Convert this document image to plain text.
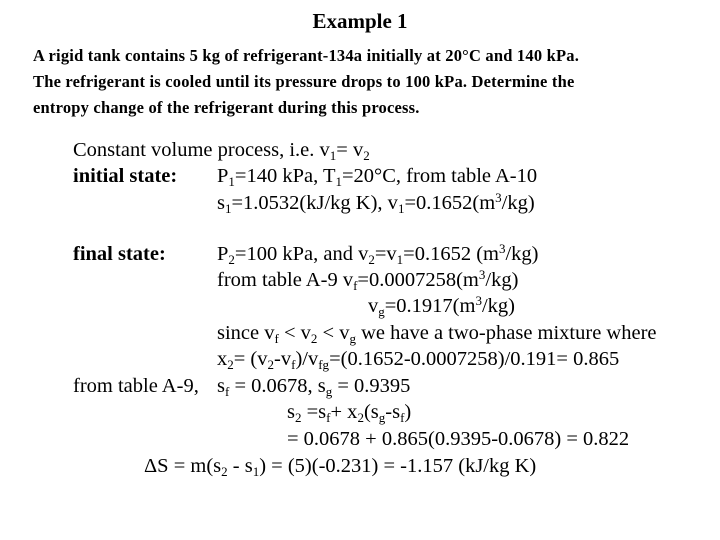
Example 1
A rigid tank contains 5 kg of refrigerant-134a initially at 20°C and 140 kPa.
The refrigerant is cooled until its pressure drops to 100 kPa. Determine the
entropy change of the refrigerant during this process.
Constant volume process, i.e. $v_1= v_2$
initial state: $P_1=140$ kPa, $T_1=20^\circ C$, from table A-10
$s_1=1.0532(kJ/kg$ K), $v_1=0.1652(m^3/kg)$
final state: $P_2=100$ kPa, and $v_2=v_1=0.1652$ $(m^3/kg)$
from table A-9 $v_f=0.0007258(m^3/kg)$
$v_g=0.1917(m^3/kg)$
since $v_f < v_2 < v_g$ we have a two-phase mixture where
$x_2= (v_2-v_f)/v_{fg}=(0.1652-0.0007258)/0.191= 0.865$
from table A-9, $s_f = 0.0678$, $s_g = 0.9395$
$s_2 =s_f+ x_2(s_g-s_f)$
= 0.0678 + 0.865(0.9395-0.0678) = 0.822
$\Delta S = m(s_2 - s_1) = (5)(-0.231) = -1.157$ (kJ/kg K)
